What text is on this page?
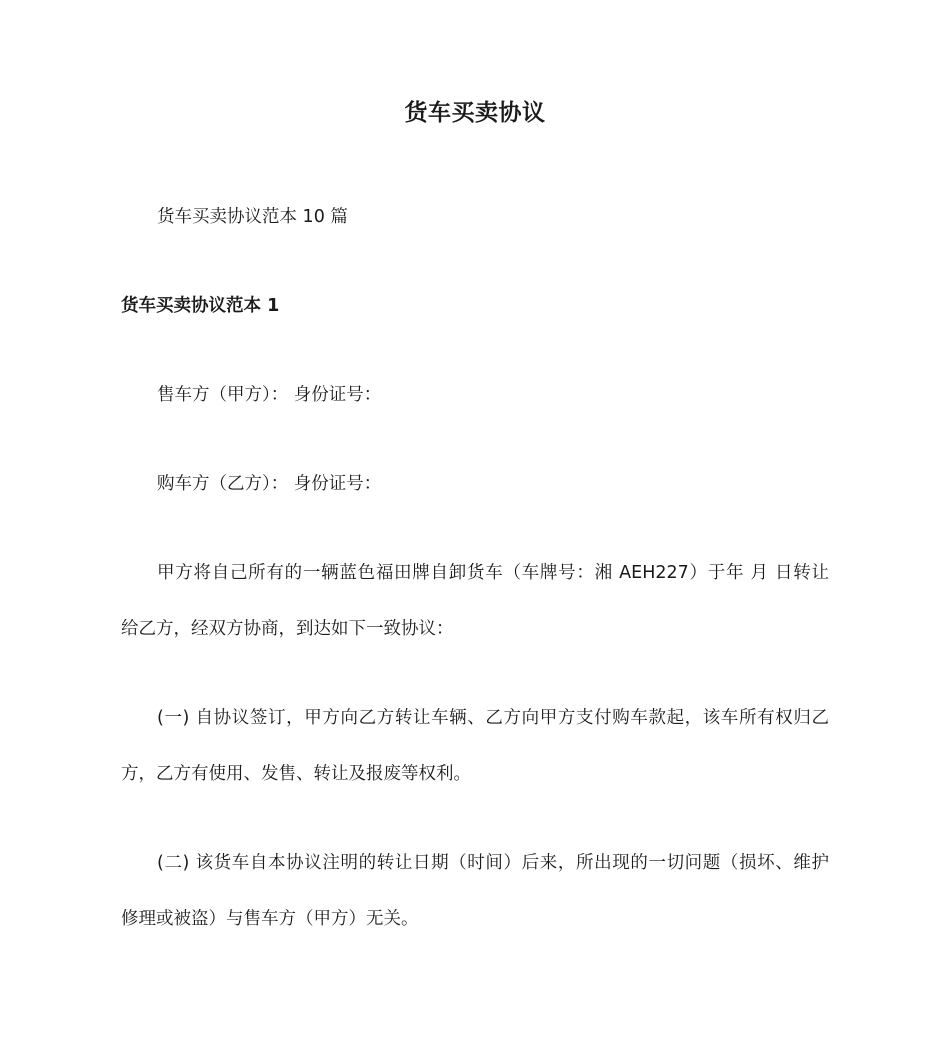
货车买卖协议

货车买卖协议范本 10 篇

货车买卖协议范本 1

售车方（甲方）： 身份证号：

购车方（乙方）： 身份证号：

甲方将自己所有的一辆蓝色福田牌自卸货车（车牌号：湘 AEH227）于年 月 日转让

给乙方，经双方协商，到达如下一致协议：

(一) 自协议签订，甲方向乙方转让车辆、乙方向甲方支付购车款起，该车所有权归乙

方，乙方有使用、发售、转让及报废等权利。

(二) 该货车自本协议注明的转让日期（时间）后来，所出现的一切问题（损坏、维护

修理或被盗）与售车方（甲方）无关。
